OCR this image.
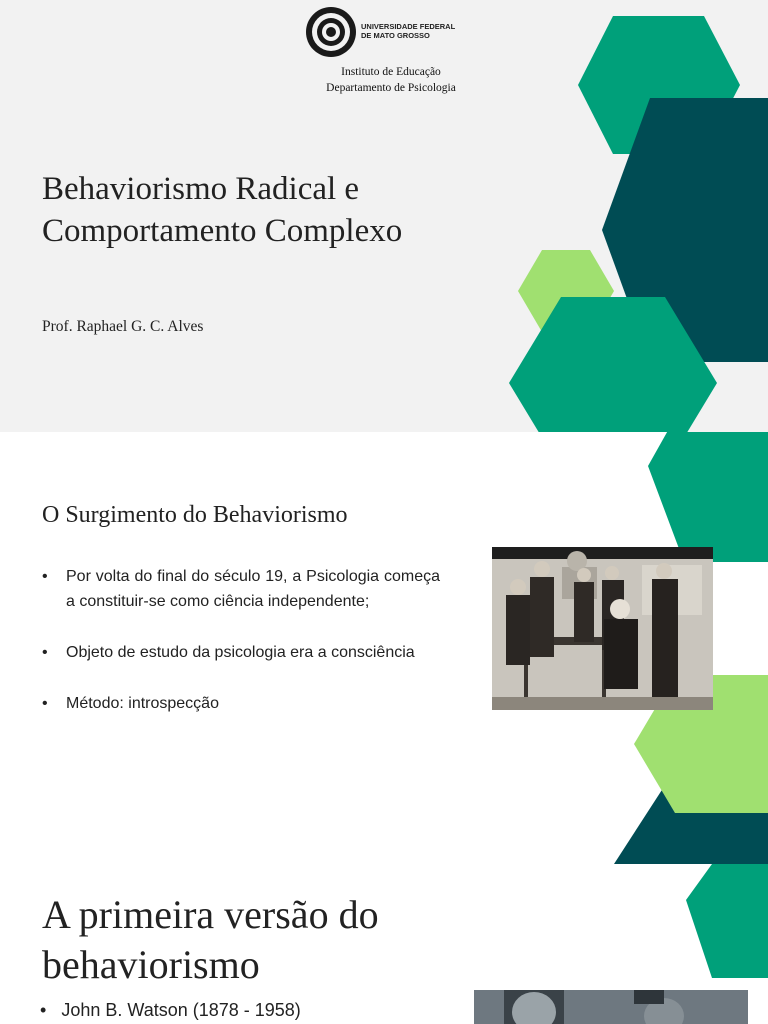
UNIVERSIDADE FEDERAL
DE MATO GROSSO
Instituto de Educação
Departamento de Psicologia
Behaviorismo Radical e
Comportamento Complexo
Prof. Raphael G. C. Alves
O Surgimento do Behaviorismo
• Por volta do final do século 19, a Psicologia começa a constituir-se como ciência independente;
• Objeto de estudo da psicologia era a consciência
• Método: introspecção
A primeira versão do
behaviorismo
• John B. Watson (1878 - 1958)
